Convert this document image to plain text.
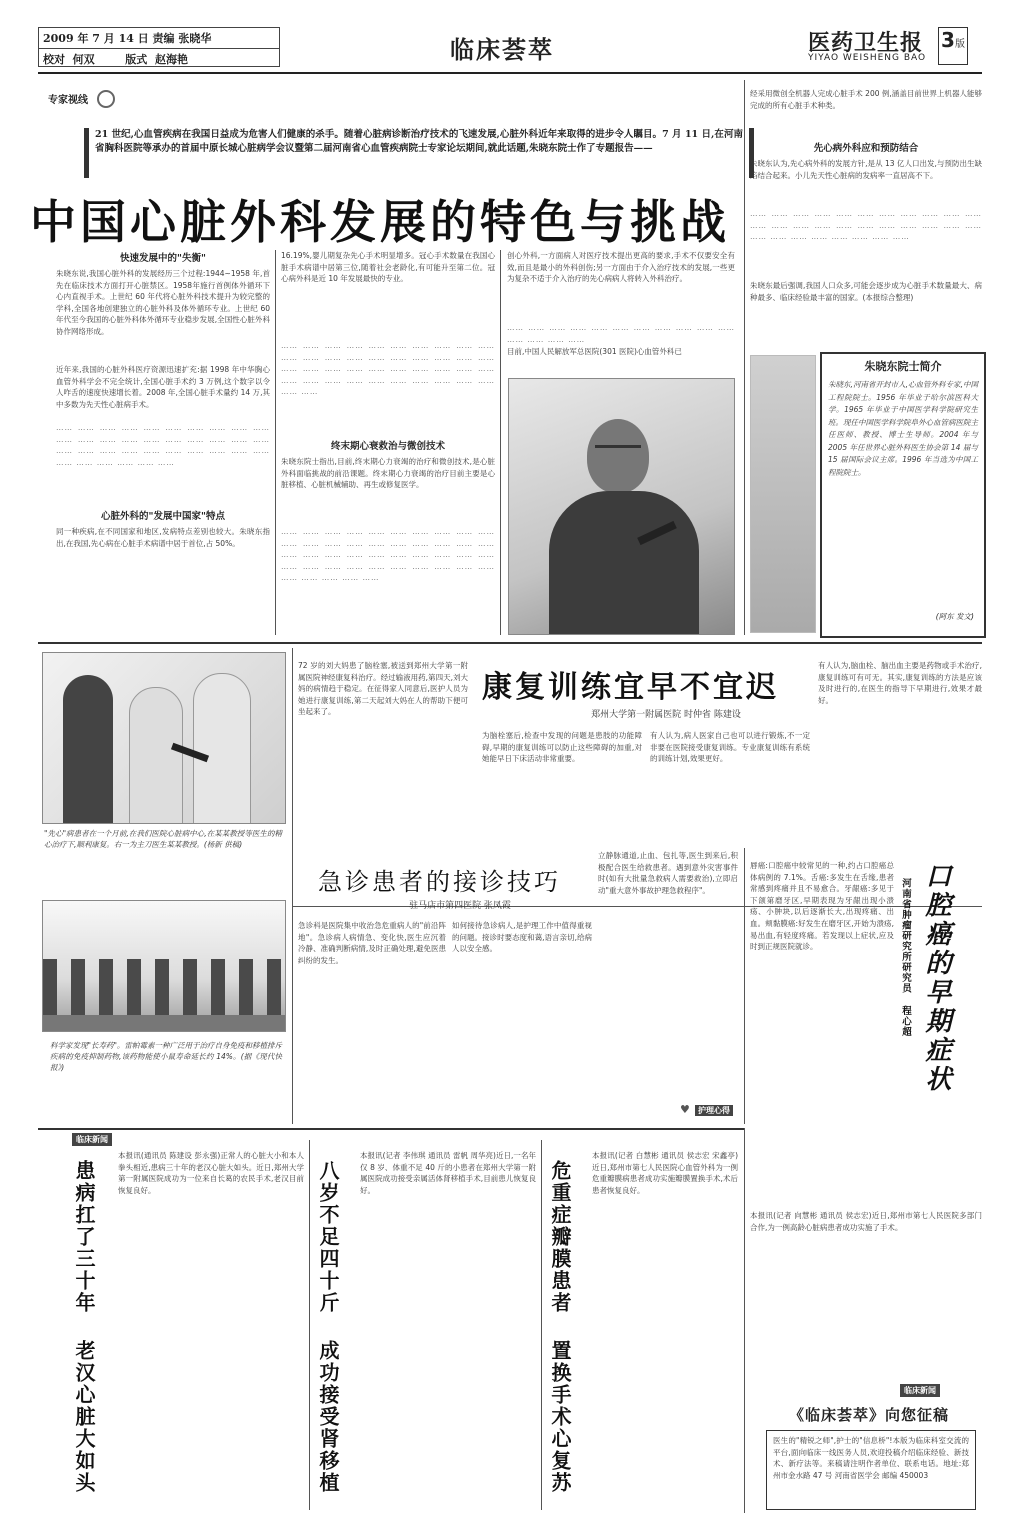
2009 年 7 月 14 日 责编 张晓华
校对  何双        版式  赵海艳	临床荟萃	医药卫生报
YIYAO WEISHENG BAO
3版
专家视线
21 世纪,心血管疾病在我国日益成为危害人们健康的杀手。随着心脏病诊断治疗技术的飞速发展,心脏外科近年来取得的进步令人瞩目。7 月 11 日,在河南省胸科医院等承办的首届中原长城心脏病学会议暨第二届河南省心血管疾病院士专家论坛期间,就此话题,朱晓东院士作了专题报告——
中国心脏外科发展的特色与挑战
快速发展中的"失衡"
朱晓东说,我国心脏外科的发展经历三个过程:1944~1958 年,首先在临床技术方面打开心脏禁区。1958年施行首例体外循环下心内直视手术。上世纪 60 年代将心脏外科技术提升为较完整的学科,全国各地创建独立的心脏外科及体外循环专业。上世纪 60 年代至今我国的心脏外科体外循环专业稳步发展,全国性心脏外科协作网络形成。
近年来,我国的心脏外科医疗资源迅速扩充:据 1998 年中华胸心血管外科学会不完全统计,全国心脏手术约 3 万例,这个数字以令人咋舌的速度快速增长着。2008 年,全国心脏手术量约 14 万,其中多数为先天性心脏病手术。
…… …… …… …… …… …… …… …… …… …… …… …… …… …… …… …… …… …… …… …… …… …… …… …… …… …… …… …… …… …… …… …… …… …… …… ……
心脏外科的"发展中国家"特点
同一种疾病,在不同国家和地区,发病特点差别也较大。朱晓东指出,在我国,先心病在心脏手术病谱中居于首位,占 50%。
16.19%,婴儿期复杂先心手术明显增多。冠心手术数量在我国心脏手术病谱中居第三位,随着社会老龄化,有可能升至第二位。冠心病外科是近 10 年发展最快的专业。
…… …… …… …… …… …… …… …… …… …… …… …… …… …… …… …… …… …… …… …… …… …… …… …… …… …… …… …… …… …… …… …… …… …… …… …… …… …… …… …… …… ……
终末期心衰救治与微创技术
朱晓东院士指出,目前,终末期心力衰竭的治疗和微创技术,是心脏外科面临挑战的前沿课题。终末期心力衰竭的治疗目前主要是心脏移植、心脏机械辅助、再生或修复医学。
…… …… …… …… …… …… …… …… …… …… …… …… …… …… …… …… …… …… …… …… …… …… …… …… …… …… …… …… …… …… …… …… …… …… …… …… …… …… …… …… …… …… …… …… ……
创心外科,一方面病人对医疗技术提出更高的要求,手术不仅要安全有效,而且是最小的外科创伤;另一方面由于介入治疗技术的发展,一些更为复杂不适于介入治疗的先心病病人将转入外科治疗。
…… …… …… …… …… …… …… …… …… …… …… …… …… …… ……
目前,中国人民解放军总医院(301 医院)心血管外科已
经采用微创全机器人完成心脏手术 200 例,涵盖目前世界上机器人能够完成的所有心脏手术种类。
先心病外科应和预防结合
朱晓东认为,先心病外科的发展方针,是从 13 亿人口出发,与预防出生缺陷结合起来。小儿先天性心脏病的发病率一直居高不下。
…… …… …… …… …… …… …… …… …… …… …… …… …… …… …… …… …… …… …… …… …… …… …… …… …… …… …… …… …… ……
朱晓东最后强调,我国人口众多,可能会逐步成为心脏手术数量最大、病种最多、临床经验最丰富的国家。(本报综合整理)
朱晓东院士简介
朱晓东,河南省开封市人,心血管外科专家,中国工程院院士。1956 年毕业于哈尔滨医科大学。1965 年毕业于中国医学科学院研究生班。现任中国医学科学院阜外心血管病医院主任医师、教授、博士生导师。2004 年与 2005 年任世界心脏外科医生协会第 14 届与 15 届国际会议主席。1996 年当选为中国工程院院士。
(阿东 发文)
"先心"病患者在一个月前,在我们医院心脏病中心,在某某教授等医生的精心治疗下,顺利康复。右一为主刀医生某某教授。(杨新 供稿)
72 岁的刘大妈患了脑栓塞,被送到郑州大学第一附属医院神经康复科治疗。经过输液用药,第四天,刘大妈的病情趋于稳定。在征得家人同意后,医护人员为她进行康复训练,第二天起刘大妈在人的帮助下便可坐起来了。
康复训练宜早不宜迟
郑州大学第一附属医院 时仲省 陈建设
为脑栓塞后,检查中发现的问题是患肢的功能障碍,早期的康复训练可以防止这些障碍的加重,对她能早日下床活动非常重要。
有人认为,病人医家自己也可以进行锻炼,不一定非要在医院接受康复训练。专业康复训练有系统的训练计划,效果更好。
有人认为,脑血栓、脑出血主要是药物或手术治疗,康复训练可有可无。其实,康复训练的方法是应该及时进行的,在医生的指导下早期进行,效果才最好。
科学家发现"长寿药"。雷帕霉素一种广泛用于治疗自身免疫和移植排斥疾病的免疫抑制药物,该药物能使小鼠寿命延长约 14%。(据《现代快报》)
急诊患者的接诊技巧
驻马店市第四医院 张凤霞
急诊科是医院集中收治急危重病人的"前沿阵地"。急诊病人病情急、变化快,医生应沉着冷静、准确判断病情,及时正确处理,避免医患纠纷的发生。
如何接待急诊病人,是护理工作中值得重视的问题。接诊时要态度和蔼,语言亲切,给病人以安全感。
立静脉通道,止血、包扎等,医生到来后,积极配合医生给救患者。遇到意外灾害事件时(如有大批量急救病人需要救治),立即启动"重大意外事故护理急救程序"。
♥ 护理心得
口腔癌的早期症状
河南省肿瘤研究所研究员 程心超
唇癌:口腔癌中较常见的一种,约占口腔癌总体病例的 7.1%。舌癌:多发生在舌缘,患者常感到疼痛并且不易愈合。牙龈癌:多见于下颌第磨牙区,早期表现为牙龈出现小溃疡、小肿块,以后逐渐长大,出现疼痛、出血。颊黏膜癌:好发生在磨牙区,开始为溃疡,易出血,有轻度疼痛。若发现以上症状,应及时到正规医院就诊。
临床新闻
患病扛了三十年 老汉心脏大如头
本报讯(通讯员 陈建设 彭永强)正常人的心脏大小和本人拳头相近,患病三十年的老汉心脏大如头。近日,郑州大学第一附属医院成功为一位来自长葛的农民手术,老汉目前恢复良好。	八岁不足四十斤 成功接受肾移植
本报讯(记者 李伟琪 通讯员 雷帆 周华亮)近日,一名年仅 8 岁、体重不足 40 斤的小患者在郑州大学第一附属医院成功接受亲属活体肾移植手术,目前患儿恢复良好。	危重症瓣膜患者 置换手术心复苏
本报讯(记者 白慧彬 通讯员 侯志宏 宋鑫亭)近日,郑州市第七人民医院心血管外科为一例危重瓣膜病患者成功实施瓣膜置换手术,术后患者恢复良好。
本报讯(记者 向慧彬 通讯员 侯志宏)近日,郑州市第七人民医院多部门合作,为一例高龄心脏病患者成功实施了手术。
临床新闻
《临床荟萃》向您征稿
医生的"精锐之师",护士的"信息桥"!本版为临床科室交流的平台,面向临床一线医务人员,欢迎投稿介绍临床经验、新技术、新疗法等。来稿请注明作者单位、联系电话。地址:郑州市金水路 47 号 河南省医学会 邮编 450003
